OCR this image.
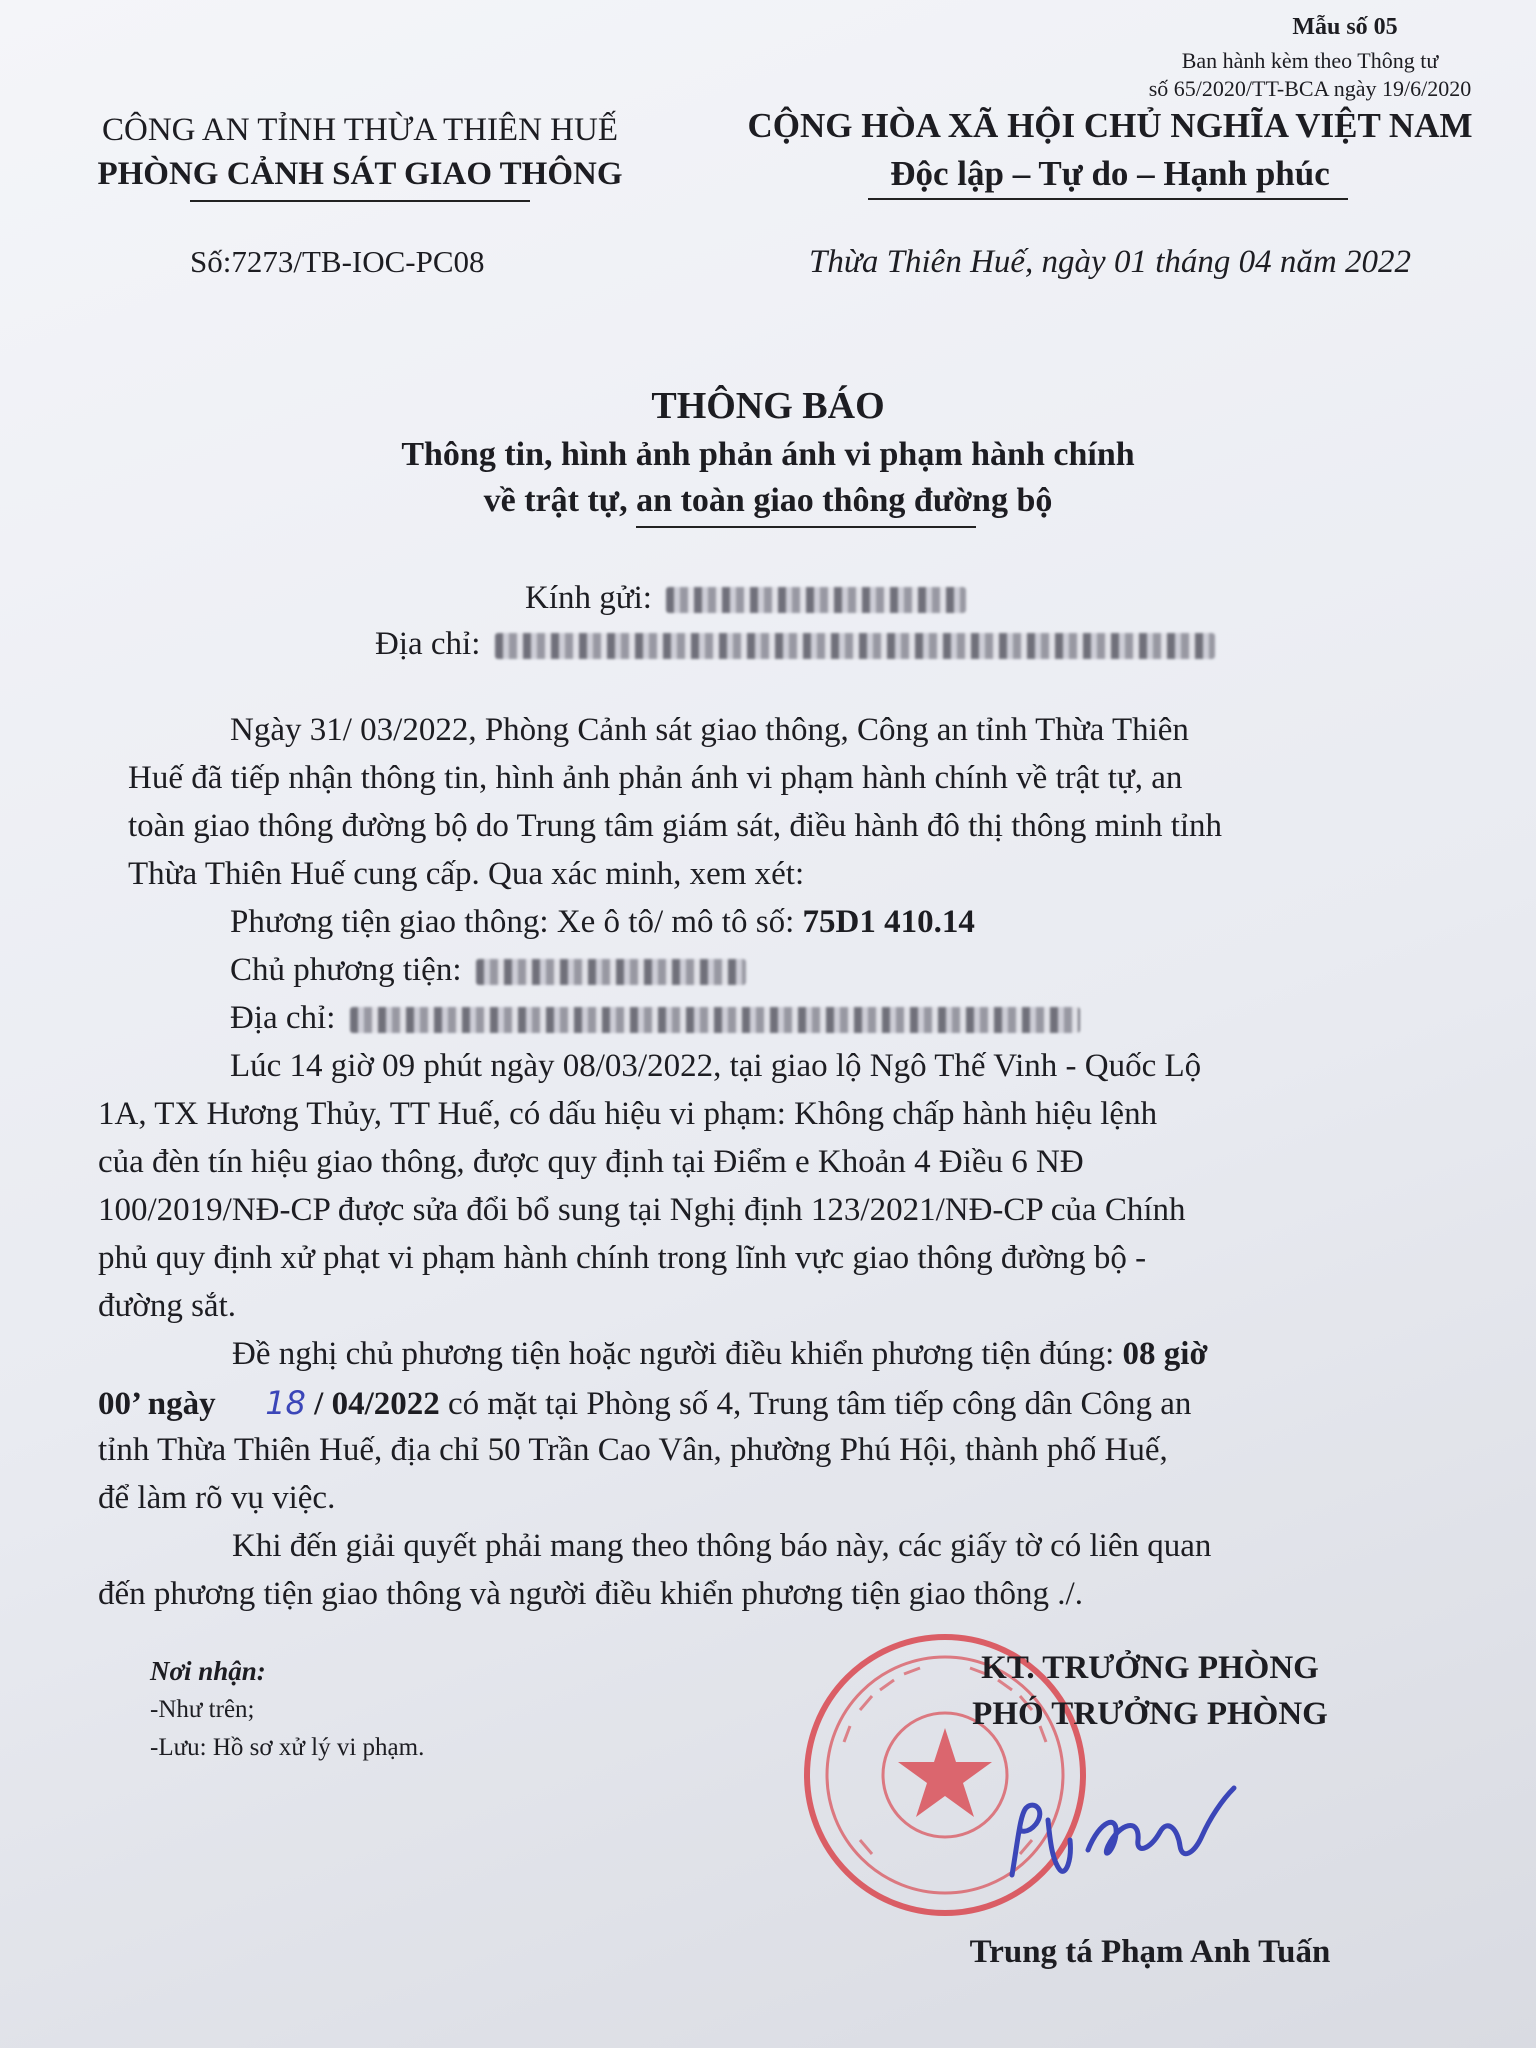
Mẫu số 05
Ban hành kèm theo Thông tư
số 65/2020/TT-BCA ngày 19/6/2020
CÔNG AN TỈNH THỪA THIÊN HUẾ
PHÒNG CẢNH SÁT GIAO THÔNG
Số:7273/TB-IOC-PC08
CỘNG HÒA XÃ HỘI CHỦ NGHĨA VIỆT NAM
Độc lập – Tự do – Hạnh phúc
Thừa Thiên Huế, ngày 01 tháng 04 năm 2022
THÔNG BÁO
Thông tin, hình ảnh phản ánh vi phạm hành chính
về trật tự, an toàn giao thông đường bộ
Kính gửi:
Địa chỉ:
Ngày 31/ 03/2022, Phòng Cảnh sát giao thông, Công an tỉnh Thừa Thiên
Huế đã tiếp nhận thông tin, hình ảnh phản ánh vi phạm hành chính về trật tự, an
toàn giao thông đường bộ do Trung tâm giám sát, điều hành đô thị thông minh tỉnh
Thừa Thiên Huế cung cấp. Qua xác minh, xem xét:
Phương tiện giao thông: Xe ô tô/ mô tô số: 75D1 410.14
Chủ phương tiện:
Địa chỉ:
Lúc 14 giờ 09 phút ngày 08/03/2022, tại giao lộ Ngô Thế Vinh - Quốc Lộ
1A, TX Hương Thủy, TT Huế, có dấu hiệu vi phạm: Không chấp hành hiệu lệnh
của đèn tín hiệu giao thông, được quy định tại Điểm e Khoản 4 Điều 6 NĐ
100/2019/NĐ-CP được sửa đổi bổ sung tại Nghị định 123/2021/NĐ-CP của Chính
phủ quy định xử phạt vi phạm hành chính trong lĩnh vực giao thông đường bộ -
đường sắt.
Đề nghị chủ phương tiện hoặc người điều khiển phương tiện đúng: 08 giờ
00’ ngày 18 / 04/2022 có mặt tại Phòng số 4, Trung tâm tiếp công dân Công an
tỉnh Thừa Thiên Huế, địa chỉ 50 Trần Cao Vân, phường Phú Hội, thành phố Huế,
để làm rõ vụ việc.
Khi đến giải quyết phải mang theo thông báo này, các giấy tờ có liên quan
đến phương tiện giao thông và người điều khiển phương tiện giao thông ./.
Nơi nhận:
-Như trên;
-Lưu: Hồ sơ xử lý vi phạm.
KT. TRƯỞNG PHÒNG
PHÓ TRƯỞNG PHÒNG
Trung tá Phạm Anh Tuấn
